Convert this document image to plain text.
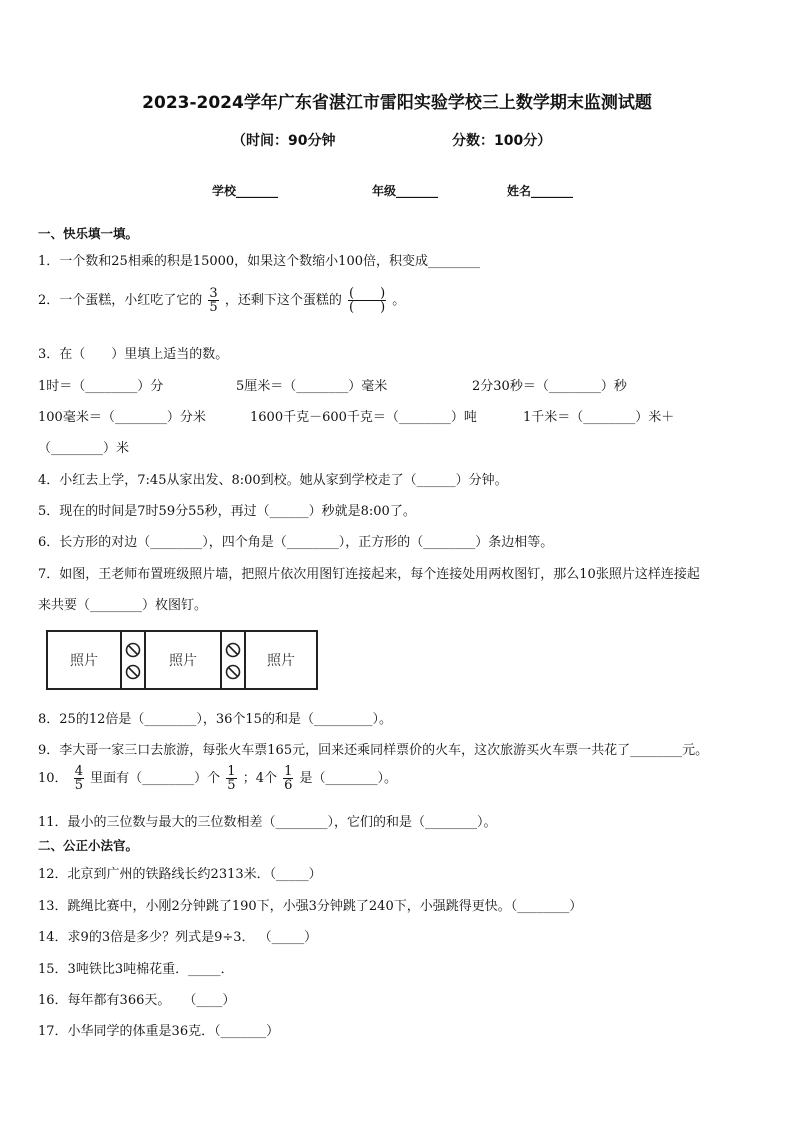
2023-2024学年广东省湛江市雷阳实验学校三上数学期末监测试题
（时间：90分钟	分数：100分）
学校_______	年级_______	姓名_______
一、快乐填一填。
1．一个数和25相乘的积是15000，如果这个数缩小100倍，积变成________
2．一个蛋糕，小红吃了它的 $\frac{3}{5}$ ，还剩下这个蛋糕的 $\frac{( )}{( )}$ 。
3．在（　　）里填上适当的数。
1时＝（________）分	5厘米＝（________）毫米	2分30秒＝（________）秒
100毫米＝（________）分米	1600千克－600千克＝（________）吨	1千米＝（________）米＋
（________）米
4．小红去上学，7:45从家出发、8:00到校。她从家到学校走了（______）分钟。
5．现在的时间是7时59分55秒，再过（______）秒就是8:00了。
6．长方形的对边（________），四个角是（________），正方形的（________）条边相等。
7．如图，王老师布置班级照片墙，把照片依次用图钉连接起来，每个连接处用两枚图钉，那么10张照片这样连接起
来共要（________）枚图钉。
照片	照片	照片
8．25的12倍是（________），36个15的和是（_________）。
9．李大哥一家三口去旅游，每张火车票165元，回来还乘同样票价的火车，这次旅游买火车票一共花了________元。
10． $\frac{4}{5}$ 里面有（________）个 $\frac{1}{5}$ ；4个 $\frac{1}{6}$ 是（________）。
11．最小的三位数与最大的三位数相差（________），它们的和是（________）。
二、公正小法官。
12．北京到广州的铁路线长约2313米．（_____）
13．跳绳比赛中，小刚2分钟跳了190下，小强3分钟跳了240下，小强跳得更快。（________）
14．求9的3倍是多少？列式是9÷3． （_____）
15．3吨铁比3吨棉花重．_____．
16．每年都有366天。　　（____）
17．小华同学的体重是36克．（_______）
